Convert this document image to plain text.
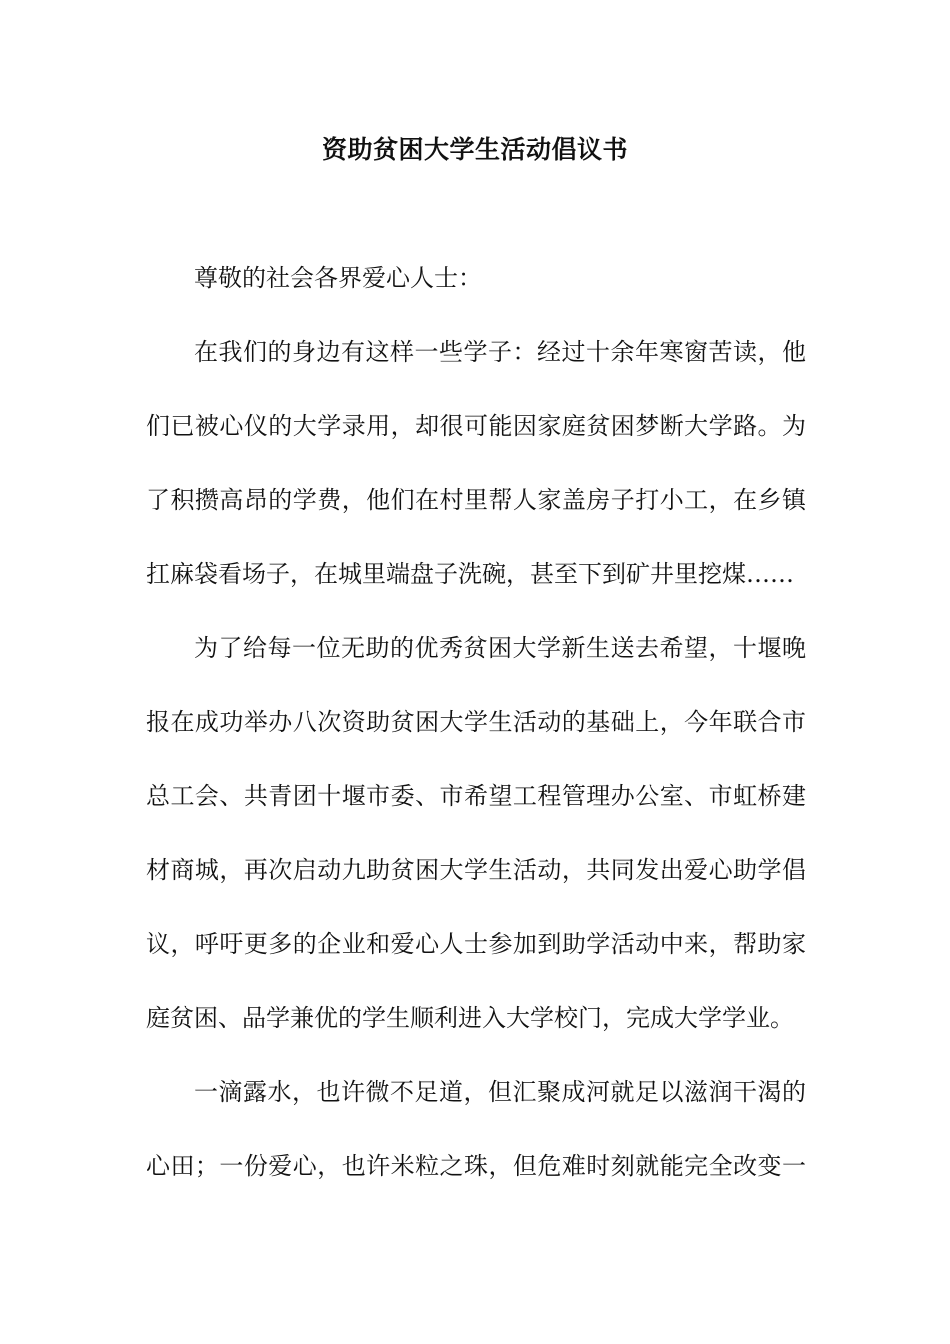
资助贫困大学生活动倡议书
尊敬的社会各界爱心人士：
在我们的身边有这样一些学子：经过十余年寒窗苦读，他
们已被心仪的大学录用，却很可能因家庭贫困梦断大学路。为
了积攒高昂的学费，他们在村里帮人家盖房子打小工，在乡镇
扛麻袋看场子，在城里端盘子洗碗，甚至下到矿井里挖煤……
为了给每一位无助的优秀贫困大学新生送去希望，十堰晚
报在成功举办八次资助贫困大学生活动的基础上，今年联合市
总工会、共青团十堰市委、市希望工程管理办公室、市虹桥建
材商城，再次启动九助贫困大学生活动，共同发出爱心助学倡
议，呼吁更多的企业和爱心人士参加到助学活动中来，帮助家
庭贫困、品学兼优的学生顺利进入大学校门，完成大学学业。
一滴露水，也许微不足道，但汇聚成河就足以滋润干渴的
心田；一份爱心，也许米粒之珠，但危难时刻就能完全改变一
